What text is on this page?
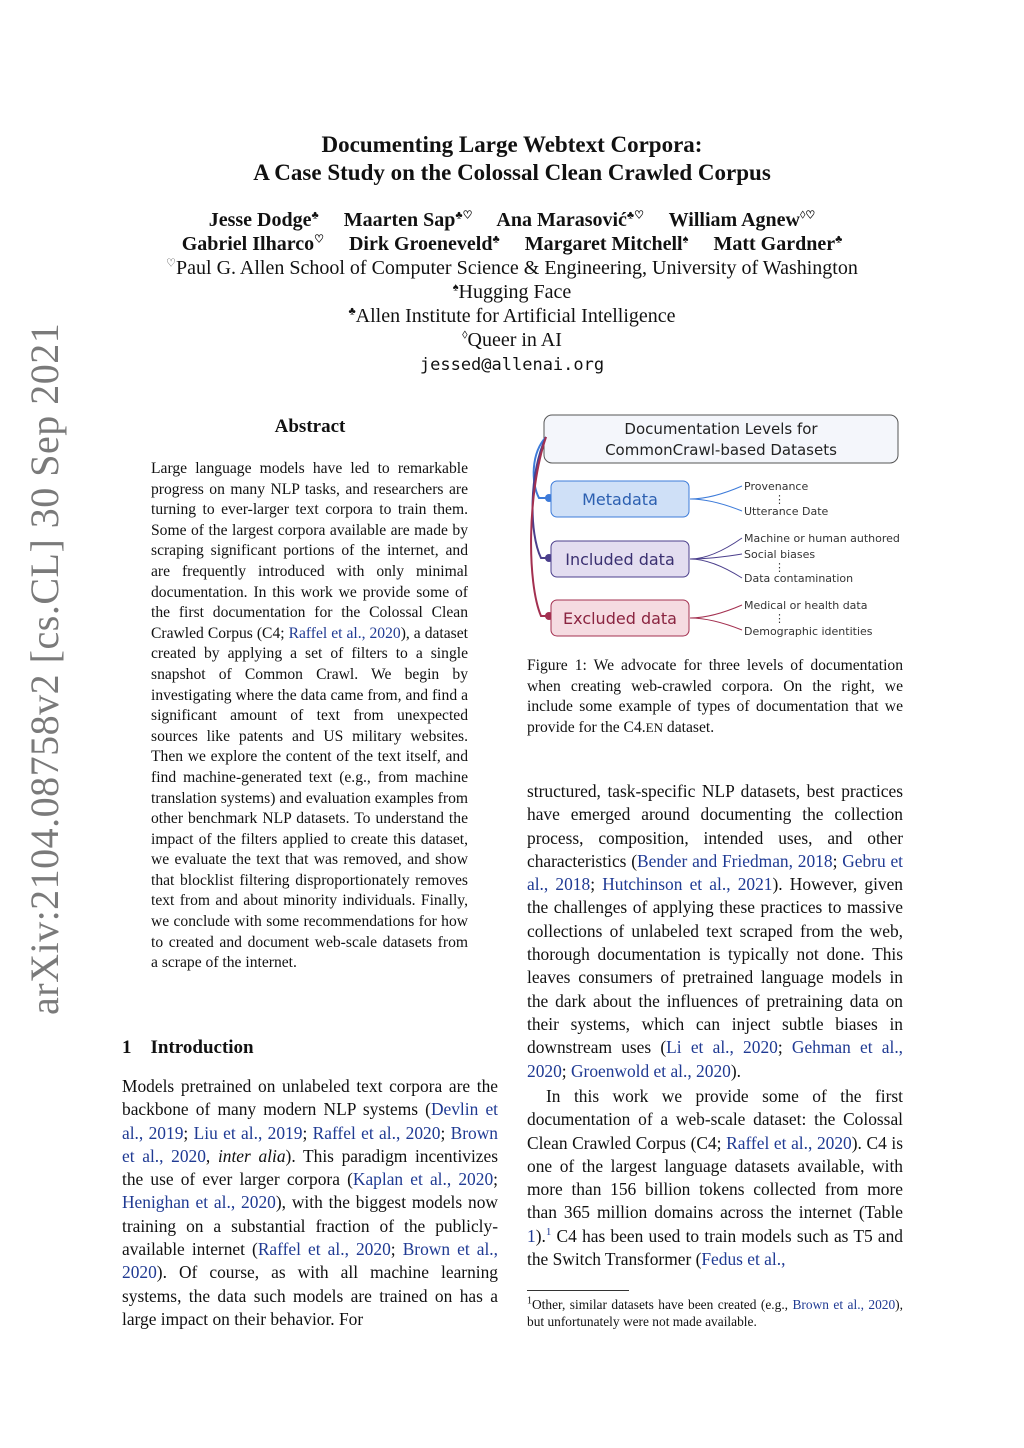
arXiv:2104.08758v2 [cs.CL] 30 Sep 2021
Documenting Large Webtext Corpora:
A Case Study on the Colossal Clean Crawled Corpus
Jesse Dodge♣ Maarten Sap♣♡ Ana Marasović♣♡ William Agnew◊♡
Gabriel Ilharco♡ Dirk Groeneveld♣ Margaret Mitchell♠ Matt Gardner♣
♡Paul G. Allen School of Computer Science & Engineering, University of Washington
♠Hugging Face
♣Allen Institute for Artificial Intelligence
◊Queer in AI
jessed@allenai.org
Abstract
Large language models have led to remarkable progress on many NLP tasks, and researchers are turning to ever-larger text corpora to train them. Some of the largest corpora available are made by scraping significant portions of the internet, and are frequently introduced with only minimal documentation. In this work we provide some of the first documentation for the Colossal Clean Crawled Corpus (C4; Raffel et al., 2020), a dataset created by applying a set of filters to a single snapshot of Common Crawl. We begin by investigating where the data came from, and find a significant amount of text from unexpected sources like patents and US military websites. Then we explore the content of the text itself, and find machine-generated text (e.g., from machine translation systems) and evaluation examples from other benchmark NLP datasets. To understand the impact of the filters applied to create this dataset, we evaluate the text that was removed, and show that blocklist filtering disproportionately removes text from and about minority individuals. Finally, we conclude with some recommendations for how to created and document web-scale datasets from a scrape of the internet.
1 Introduction
Models pretrained on unlabeled text corpora are the backbone of many modern NLP systems (Devlin et al., 2019; Liu et al., 2019; Raffel et al., 2020; Brown et al., 2020, inter alia). This paradigm incentivizes the use of ever larger corpora (Kaplan et al., 2020; Henighan et al., 2020), with the biggest models now training on a substantial fraction of the publicly-available internet (Raffel et al., 2020; Brown et al., 2020). Of course, as with all machine learning systems, the data such models are trained on has a large impact on their behavior. For
Documentation Levels for
CommonCrawl-based Datasets
Metadata
Included data
Excluded data
Provenance
⋮
Utterance Date
Machine or human authored
Social biases
⋮
Data contamination
Medical or health data
⋮
Demographic identities
Figure 1: We advocate for three levels of documentation when creating web-crawled corpora. On the right, we include some example of types of documentation that we provide for the C4.EN dataset.
structured, task-specific NLP datasets, best practices have emerged around documenting the collection process, composition, intended uses, and other characteristics (Bender and Friedman, 2018; Gebru et al., 2018; Hutchinson et al., 2021). However, given the challenges of applying these practices to massive collections of unlabeled text scraped from the web, thorough documentation is typically not done. This leaves consumers of pretrained language models in the dark about the influences of pretraining data on their systems, which can inject subtle biases in downstream uses (Li et al., 2020; Gehman et al., 2020; Groenwold et al., 2020).
In this work we provide some of the first documentation of a web-scale dataset: the Colossal Clean Crawled Corpus (C4; Raffel et al., 2020). C4 is one of the largest language datasets available, with more than 156 billion tokens collected from more than 365 million domains across the internet (Table 1).$^1$ C4 has been used to train models such as T5 and the Switch Transformer (Fedus et al.,
$^1$Other, similar datasets have been created (e.g., Brown et al., 2020), but unfortunately were not made available.
